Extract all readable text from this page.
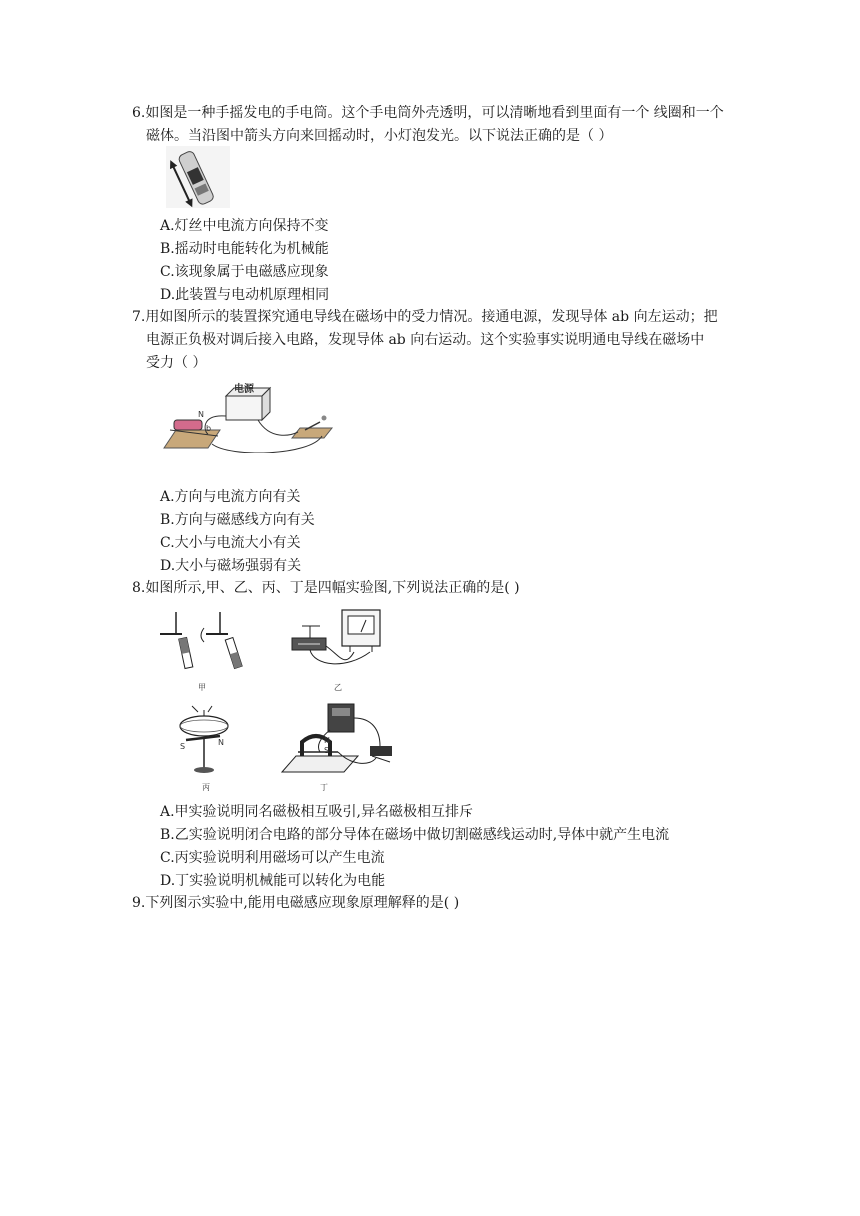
6.如图是一种手摇发电的手电筒。这个手电筒外壳透明，可以清晰地看到里面有一个 线圈和一个
磁体。当沿图中箭头方向来回摇动时，小灯泡发光。以下说法正确的是（ ）
A.灯丝中电流方向保持不变
B.摇动时电能转化为机械能
C.该现象属于电磁感应现象
D.此装置与电动机原理相同
7.用如图所示的装置探究通电导线在磁场中的受力情况。接通电源，发现导体 ab 向左运动；把
电源正负极对调后接入电路，发现导体 ab 向右运动。这个实验事实说明通电导线在磁场中
受力（ ）
电源
N
b
A.方向与电流方向有关
B.方向与磁感线方向有关
C.大小与电流大小有关
D.大小与磁场强弱有关
8.如图所示,甲、乙、丙、丁是四幅实验图,下列说法正确的是( )
甲	乙
S	N
丙
N
S
丁
A.甲实验说明同名磁极相互吸引,异名磁极相互排斥
B.乙实验说明闭合电路的部分导体在磁场中做切割磁感线运动时,导体中就产生电流
C.丙实验说明利用磁场可以产生电流
D.丁实验说明机械能可以转化为电能
9.下列图示实验中,能用电磁感应现象原理解释的是( )
